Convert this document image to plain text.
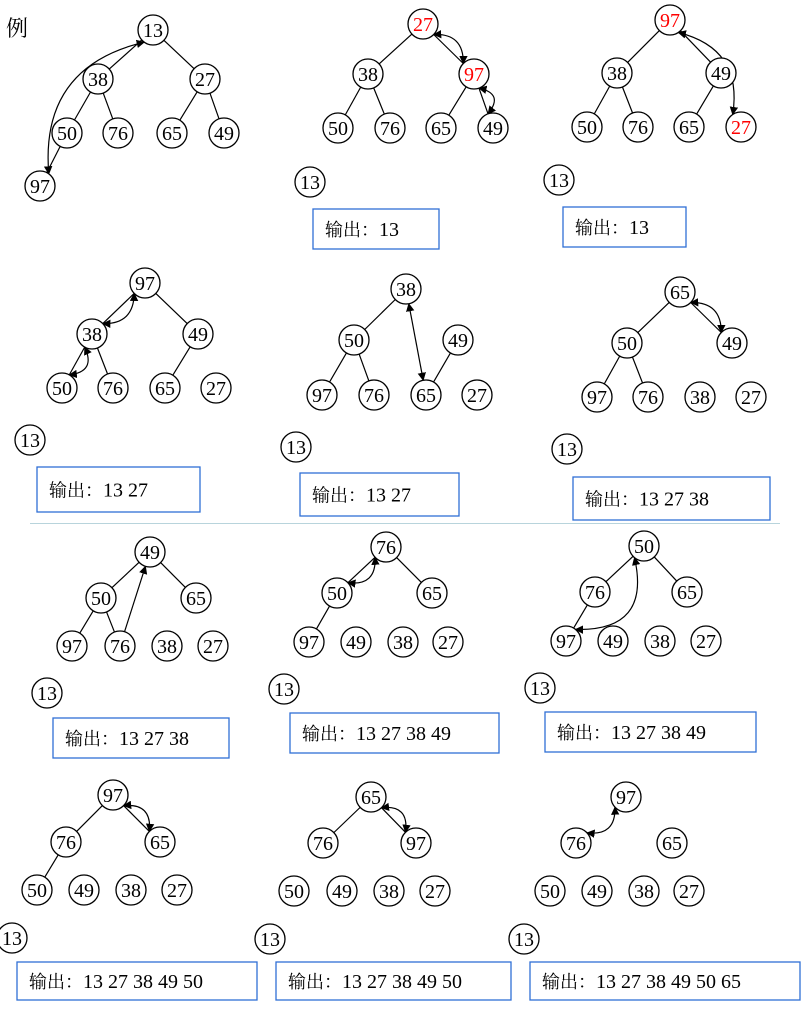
例	13
38	27
50 76 65 49
97
27
38	97
50 76 65 49
13
输出：13
97
38	49
50 76 65 27
13
输出：13
97
38	49
50 76 65 27
13
输出：13 27
38
50	49
97 76 65 27
13
输出：13 27
65
50	49
97 76 38 27
13
输出：13 27 38
49
50	65
97 76 38 27
13
输出：13 27 38
76
50	65
97 49 38 27
13
输出：13 27 38 49
50
76	65
97 49 38 27
13
输出：13 27 38 49
97
76	65
50 49 38 27
13
输出：13 27 38 49 50
65
76	97
50 49 38 27
13
输出：13 27 38 49 50
97
76	65
50 49 38 27
13
输出：13 27 38 49 50 65
